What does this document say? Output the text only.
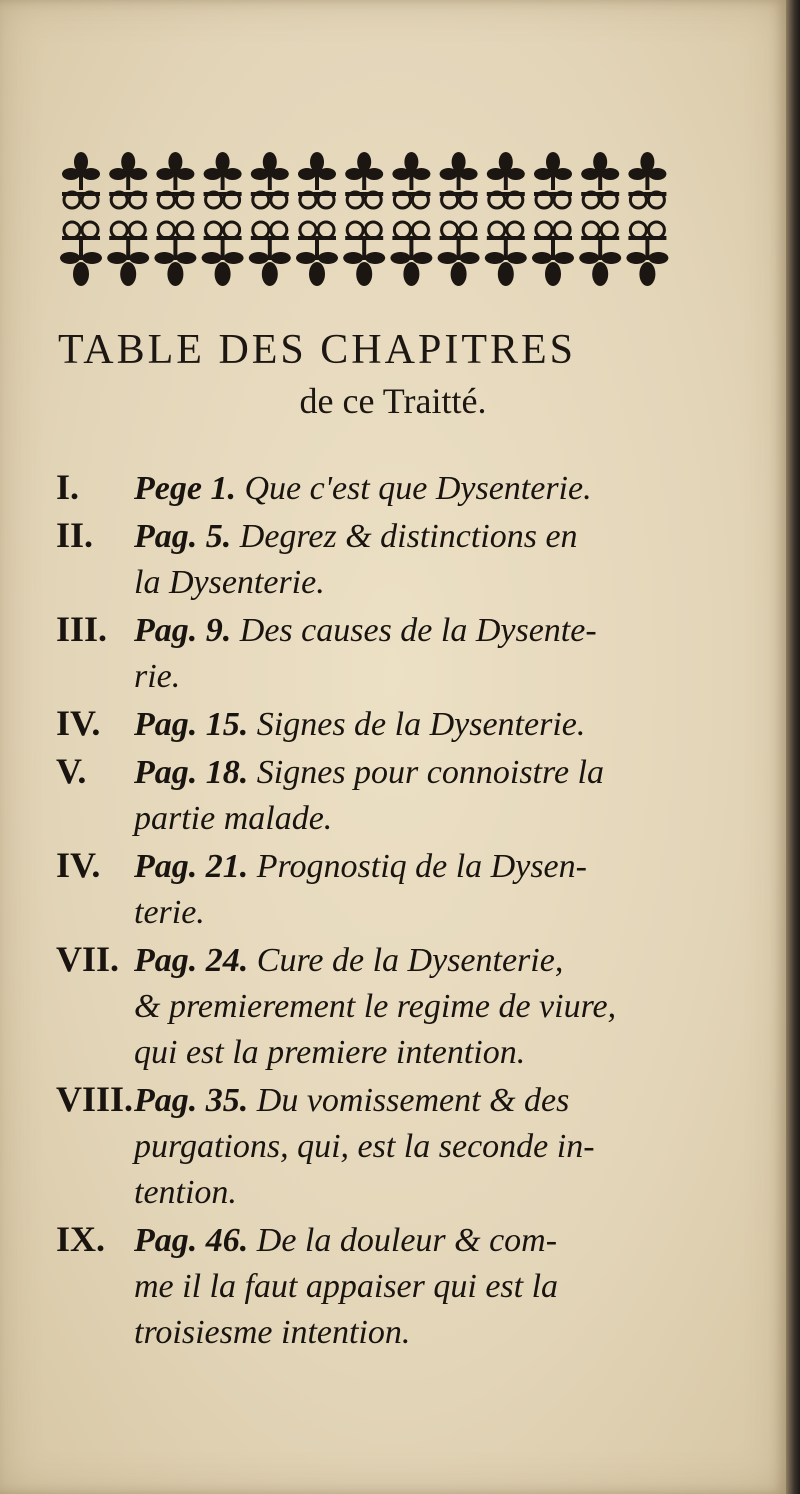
TABLE DES CHAPITRES
de ce Traitté.
I. Pege 1. Que c'est que Dysenterie.
II. Pag. 5. Degrez & distinctions en
la Dysenterie.
III. Pag. 9. Des causes de la Dysente-
rie.
IV. Pag. 15. Signes de la Dysenterie.
V. Pag. 18. Signes pour connoistre la
partie malade.
IV. Pag. 21. Prognostiq de la Dysen-
terie.
VII. Pag. 24. Cure de la Dysenterie,
& premierement le regime de viure,
qui est la premiere intention.
VIII.Pag. 35. Du vomissement & des
purgations, qui, est la seconde in-
tention.
IX. Pag. 46. De la douleur & com-
me il la faut appaiser qui est la
troisiesme intention.
